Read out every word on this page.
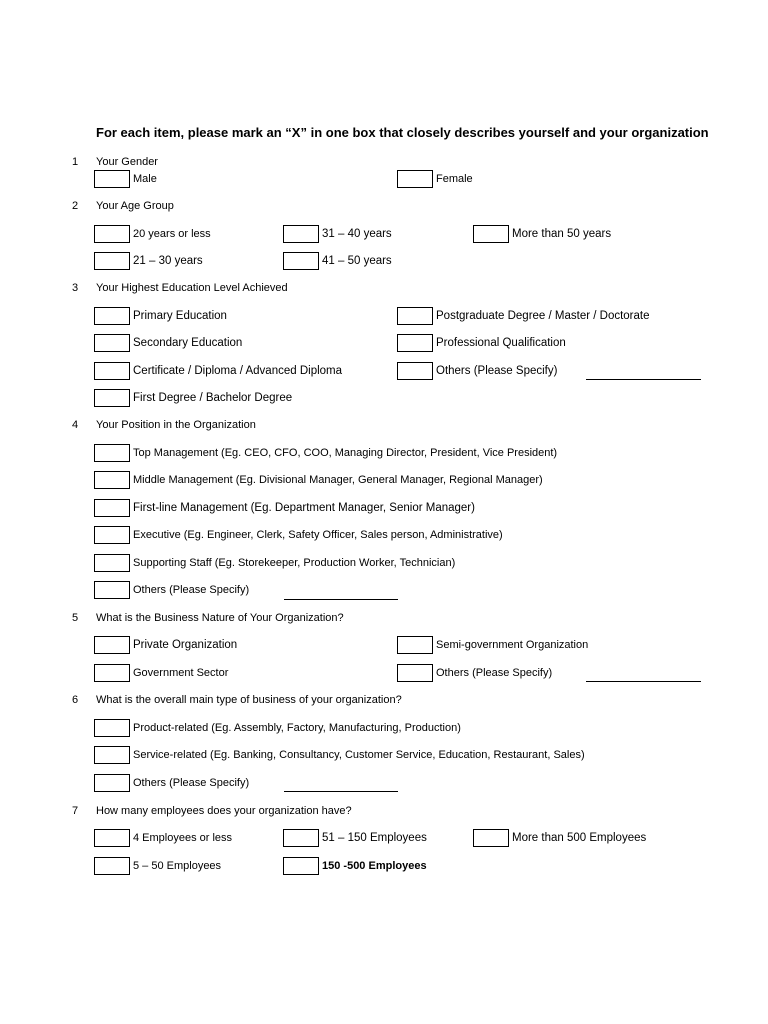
For each item, please mark an “X” in one box that closely describes yourself and your organization
1 Your Gender
Male	Female
2 Your Age Group
20 years or less	31 – 40 years	More than 50 years
21 – 30 years	41 – 50 years
3 Your Highest Education Level Achieved
Primary Education	Postgraduate Degree / Master / Doctorate
Secondary Education	Professional Qualification
Certificate / Diploma / Advanced Diploma	Others (Please Specify)
First Degree / Bachelor Degree
4 Your Position in the Organization
Top Management (Eg. CEO, CFO, COO, Managing Director, President, Vice President)
Middle Management (Eg. Divisional Manager, General Manager, Regional Manager)
First-line Management (Eg. Department Manager, Senior Manager)
Executive (Eg. Engineer, Clerk, Safety Officer, Sales person, Administrative)
Supporting Staff (Eg. Storekeeper, Production Worker, Technician)
Others (Please Specify)
5 What is the Business Nature of Your Organization?
Private Organization	Semi-government Organization
Government Sector	Others (Please Specify)
6 What is the overall main type of business of your organization?
Product-related (Eg. Assembly, Factory, Manufacturing, Production)
Service-related (Eg. Banking, Consultancy, Customer Service, Education, Restaurant, Sales)
Others (Please Specify)
7 How many employees does your organization have?
4 Employees or less	51 – 150 Employees	More than 500 Employees
5 – 50 Employees	150 -500 Employees
